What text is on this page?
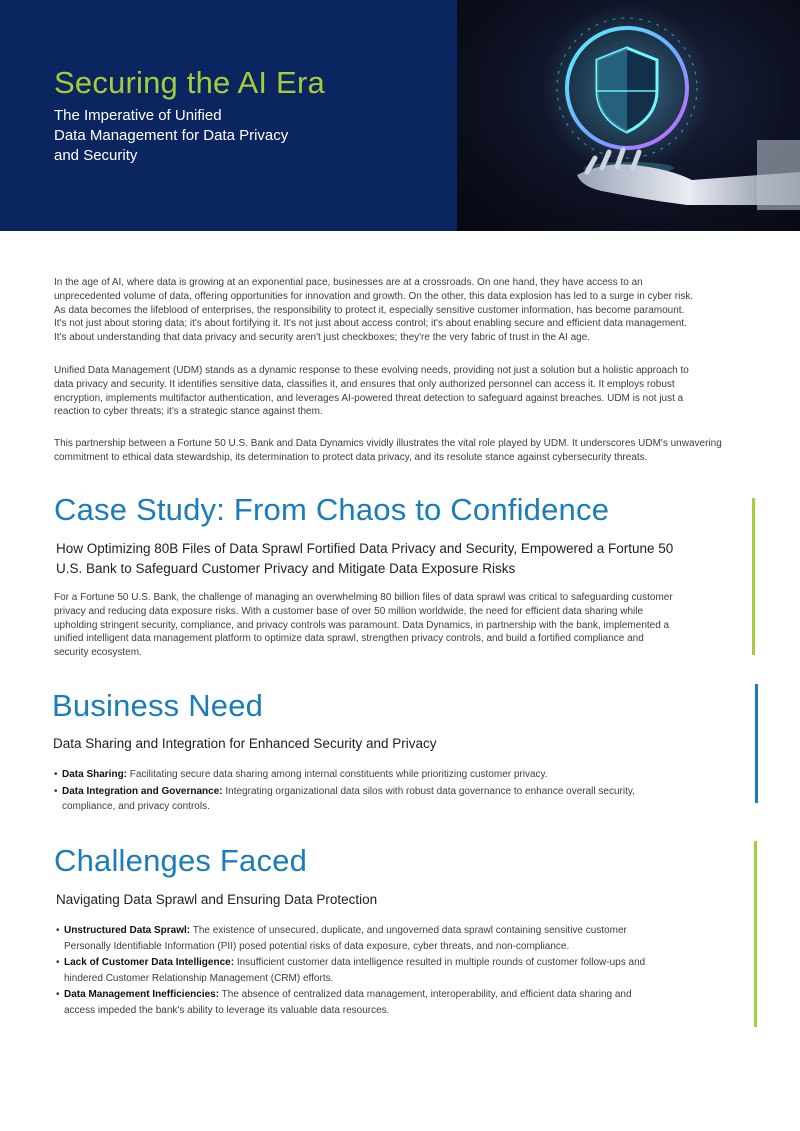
Securing the AI Era
The Imperative of Unified
Data Management for Data Privacy
and Security
In the age of AI, where data is growing at an exponential pace, businesses are at a crossroads. On one hand, they have access to an
unprecedented volume of data, offering opportunities for innovation and growth. On the other, this data explosion has led to a surge in cyber risk.
As data becomes the lifeblood of enterprises, the responsibility to protect it, especially sensitive customer information, has become paramount.
It's not just about storing data; it's about fortifying it. It's not just about access control; it's about enabling secure and efficient data management.
It's about understanding that data privacy and security aren't just checkboxes; they're the very fabric of trust in the AI age.
Unified Data Management (UDM) stands as a dynamic response to these evolving needs, providing not just a solution but a holistic approach to
data privacy and security. It identifies sensitive data, classifies it, and ensures that only authorized personnel can access it. It employs robust
encryption, implements multifactor authentication, and leverages AI-powered threat detection to safeguard against breaches. UDM is not just a
reaction to cyber threats; it's a strategic stance against them.
This partnership between a Fortune 50 U.S. Bank and Data Dynamics vividly illustrates the vital role played by UDM. It underscores UDM's unwavering
commitment to ethical data stewardship, its determination to protect data privacy, and its resolute stance against cybersecurity threats.
Case Study: From Chaos to Confidence
How Optimizing 80B Files of Data Sprawl Fortified Data Privacy and Security, Empowered a Fortune 50
U.S. Bank to Safeguard Customer Privacy and Mitigate Data Exposure Risks
For a Fortune 50 U.S. Bank, the challenge of managing an overwhelming 80 billion files of data sprawl was critical to safeguarding customer
privacy and reducing data exposure risks. With a customer base of over 50 million worldwide, the need for efficient data sharing while
upholding stringent security, compliance, and privacy controls was paramount. Data Dynamics, in partnership with the bank, implemented a
unified intelligent data management platform to optimize data sprawl, strengthen privacy controls, and build a fortified compliance and
security ecosystem.
Business Need
Data Sharing and Integration for Enhanced Security and Privacy
• Data Sharing: Facilitating secure data sharing among internal constituents while prioritizing customer privacy.
• Data Integration and Governance: Integrating organizational data silos with robust data governance to enhance overall security,
compliance, and privacy controls.
Challenges Faced
Navigating Data Sprawl and Ensuring Data Protection
• Unstructured Data Sprawl: The existence of unsecured, duplicate, and ungoverned data sprawl containing sensitive customer
Personally Identifiable Information (PII) posed potential risks of data exposure, cyber threats, and non-compliance.
• Lack of Customer Data Intelligence: Insufficient customer data intelligence resulted in multiple rounds of customer follow-ups and
hindered Customer Relationship Management (CRM) efforts.
• Data Management Inefficiencies: The absence of centralized data management, interoperability, and efficient data sharing and
access impeded the bank's ability to leverage its valuable data resources.
